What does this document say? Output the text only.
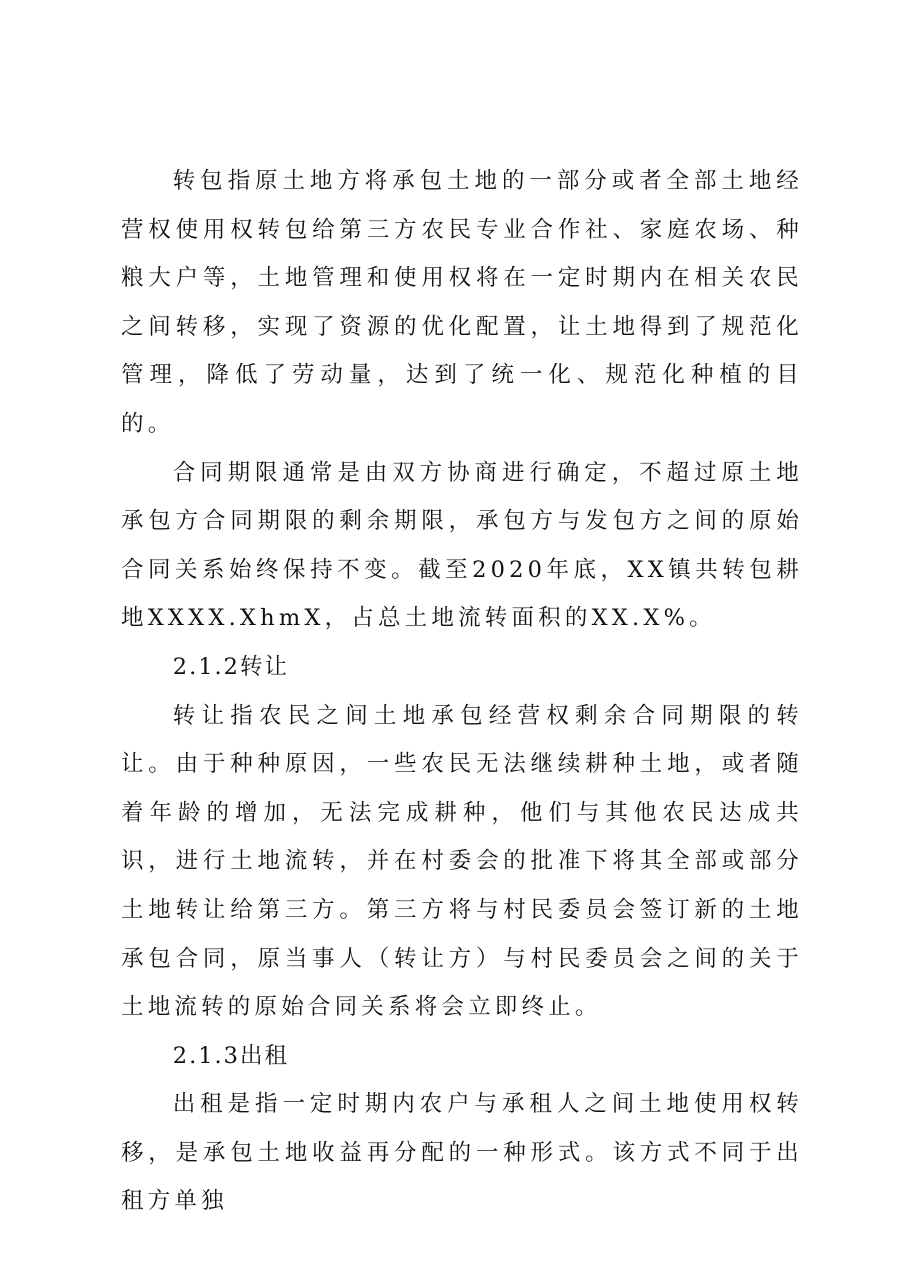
转包指原土地方将承包土地的一部分或者全部土地经营权使用权转包给第三方农民专业合作社、家庭农场、种粮大户等，土地管理和使用权将在一定时期内在相关农民之间转移，实现了资源的优化配置，让土地得到了规范化管理，降低了劳动量，达到了统一化、规范化种植的目的。

合同期限通常是由双方协商进行确定，不超过原土地承包方合同期限的剩余期限，承包方与发包方之间的原始合同关系始终保持不变。截至2020年底，XX镇共转包耕地XXXX.XhmX，占总土地流转面积的XX.X%。

2.1.2转让

转让指农民之间土地承包经营权剩余合同期限的转让。由于种种原因，一些农民无法继续耕种土地，或者随着年龄的增加，无法完成耕种，他们与其他农民达成共识，进行土地流转，并在村委会的批准下将其全部或部分土地转让给第三方。第三方将与村民委员会签订新的土地承包合同，原当事人（转让方）与村民委员会之间的关于土地流转的原始合同关系将会立即终止。

2.1.3出租

出租是指一定时期内农户与承租人之间土地使用权转移，是承包土地收益再分配的一种形式。该方式不同于出租方单独
